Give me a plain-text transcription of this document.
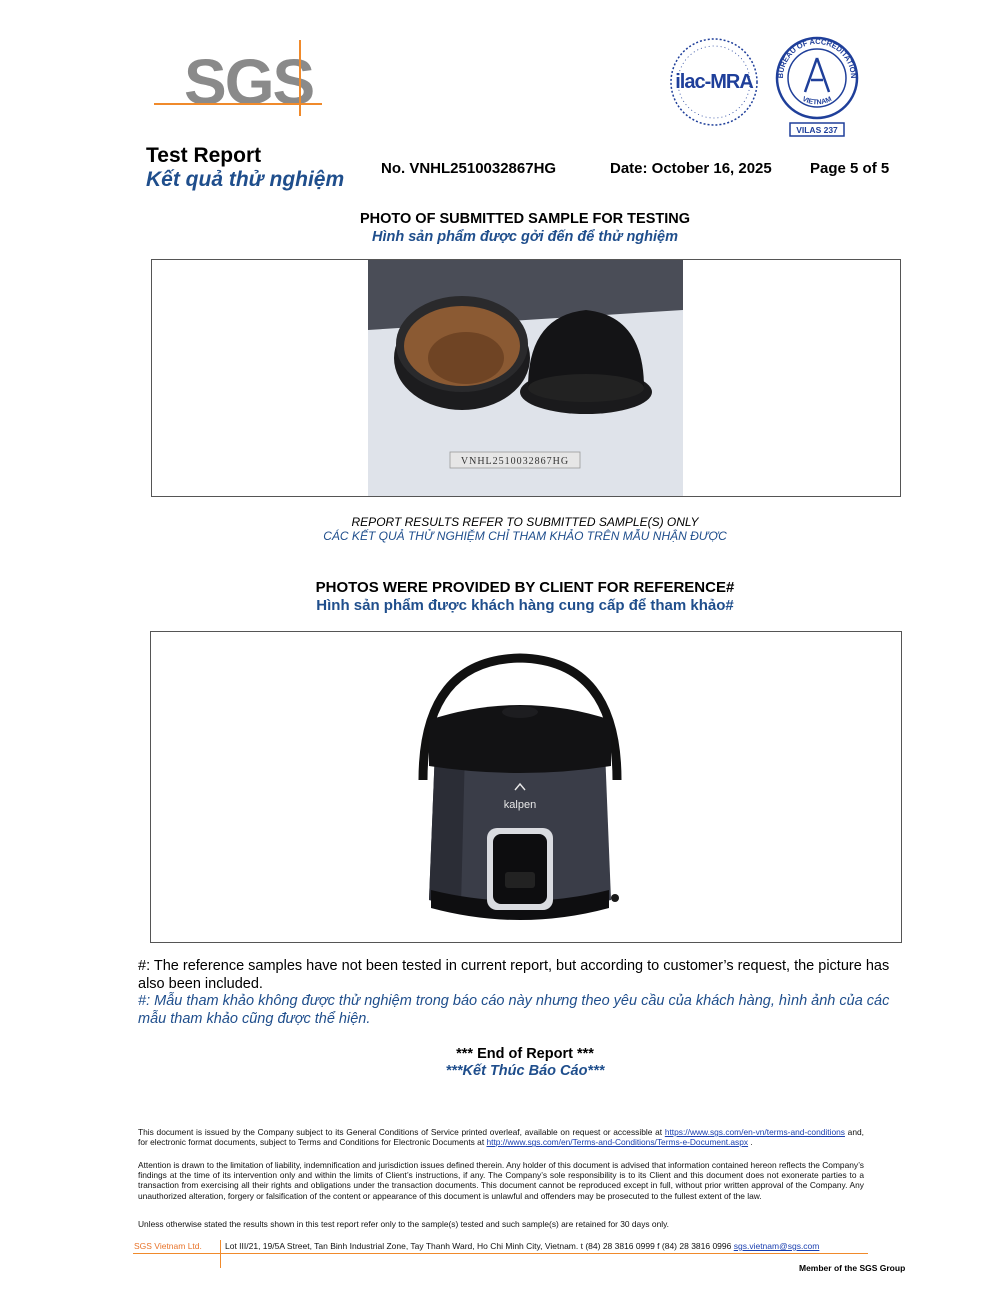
SGS	ilac-MRA	BUREAU OF ACCREDITATION
VIETNAM
VILAS 237
Test Report
Kết quả thử nghiệm No. VNHL2510032867HG	Date: October 16, 2025	Page 5 of 5
PHOTO OF SUBMITTED SAMPLE FOR TESTING
Hình sản phẩm được gởi đến để thử nghiệm
VNHL2510032867HG
REPORT RESULTS REFER TO SUBMITTED SAMPLE(S) ONLY
CÁC KẾT QUẢ THỬ NGHIỆM CHỈ THAM KHẢO TRÊN MẪU NHẬN ĐƯỢC
PHOTOS WERE PROVIDED BY CLIENT FOR REFERENCE#
Hình sản phẩm được khách hàng cung cấp để tham khảo#
kalpen
#: The reference samples have not been tested in current report, but according to customer’s request, the picture has also been included.
#: Mẫu tham khảo không được thử nghiệm trong báo cáo này nhưng theo yêu cầu của khách hàng, hình ảnh của các mẫu tham khảo cũng được thể hiện.
*** End of Report ***
***Kết Thúc Báo Cáo***
This document is issued by the Company subject to its General Conditions of Service printed overleaf, available on request or accessible at https://www.sgs.com/en-vn/terms-and-conditions and, for electronic format documents, subject to Terms and Conditions for Electronic Documents at http://www.sgs.com/en/Terms-and-Conditions/Terms-e-Document.aspx .
Attention is drawn to the limitation of liability, indemnification and jurisdiction issues defined therein. Any holder of this document is advised that information contained hereon reflects the Company’s findings at the time of its intervention only and within the limits of Client’s instructions, if any. The Company’s sole responsibility is to its Client and this document does not exonerate parties to a transaction from exercising all their rights and obligations under the transaction documents. This document cannot be reproduced except in full, without prior written approval of the Company. Any unauthorized alteration, forgery or falsification of the content or appearance of this document is unlawful and offenders may be prosecuted to the fullest extent of the law.
Unless otherwise stated the results shown in this test report refer only to the sample(s) tested and such sample(s) are retained for 30 days only.
SGS Vietnam Ltd.	Lot III/21, 19/5A Street, Tan Binh Industrial Zone, Tay Thanh Ward, Ho Chi Minh City, Vietnam. t (84) 28 3816 0999 f (84) 28 3816 0996 sgs.vietnam@sgs.com
Member of the SGS Group
